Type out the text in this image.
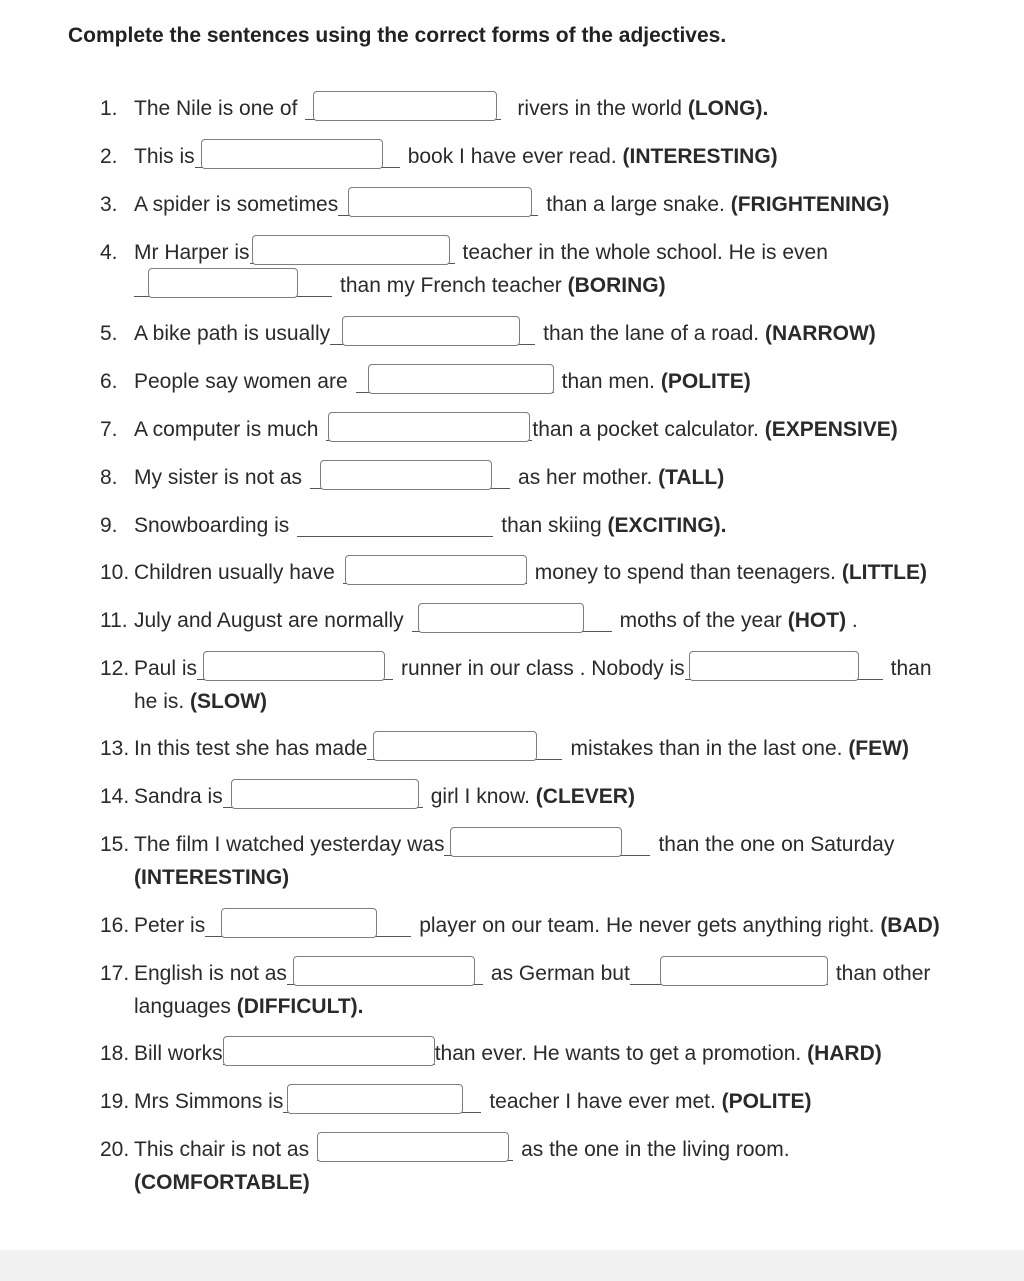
Complete the sentences using the correct forms of the adjectives.
1. The Nile is one of	rivers in the world (LONG).
2. This is	book I have ever read. (INTERESTING)
3. A spider is sometimes	than a large snake. (FRIGHTENING)
4. Mr Harper is	teacher in the whole school. He is even
than my French teacher (BORING)
5. A bike path is usually	than the lane of a road. (NARROW)
6. People say women are	than men. (POLITE)
7. A computer is much	than a pocket calculator. (EXPENSIVE)
8. My sister is not as	as her mother. (TALL)
9. Snowboarding is	than skiing (EXCITING).
10. Children usually have	money to spend than teenagers. (LITTLE)
11. July and August are normally	moths of the year (HOT) .
12. Paul is	runner in our class . Nobody is	than
he is. (SLOW)
13. In this test she has made	mistakes than in the last one. (FEW)
14. Sandra is	girl I know. (CLEVER)
15. The film I watched yesterday was	than the one on Saturday
(INTERESTING)
16. Peter is	player on our team. He never gets anything right. (BAD)
17. English is not as	as German but	than other
languages (DIFFICULT).
18. Bill works	than ever. He wants to get a promotion. (HARD)
19. Mrs Simmons is	teacher I have ever met. (POLITE)
20. This chair is not as	as the one in the living room.
(COMFORTABLE)
